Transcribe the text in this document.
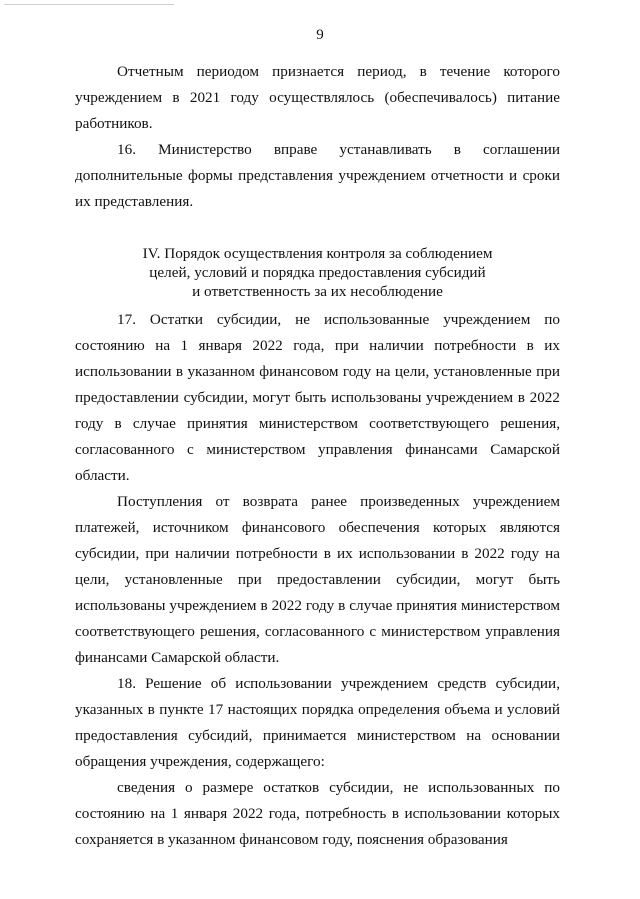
9

Отчетным периодом признается период, в течение которого учреждением в 2021 году осуществлялось (обеспечивалось) питание работников.

16. Министерство вправе устанавливать в соглашении дополнительные формы представления учреждением отчетности и сроки их представления.

IV. Порядок осуществления контроля за соблюдением
целей, условий и порядка предоставления субсидий
и ответственность за их несоблюдение

17. Остатки субсидии, не использованные учреждением по состоянию на 1 января 2022 года, при наличии потребности в их использовании в указанном финансовом году на цели, установленные при предоставлении субсидии, могут быть использованы учреждением в 2022 году в случае принятия министерством соответствующего решения, согласованного с министерством управления финансами Самарской области.

Поступления от возврата ранее произведенных учреждением платежей, источником финансового обеспечения которых являются субсидии, при наличии потребности в их использовании в 2022 году на цели, установленные при предоставлении субсидии, могут быть использованы учреждением в 2022 году в случае принятия министерством соответствующего решения, согласованного с министерством управления финансами Самарской области.

18. Решение об использовании учреждением средств субсидии, указанных в пункте 17 настоящих порядка определения объема и условий предоставления субсидий, принимается министерством на основании обращения учреждения, содержащего:

сведения о размере остатков субсидии, не использованных по состоянию на 1 января 2022 года, потребность в использовании которых сохраняется в указанном финансовом году, пояснения образования
